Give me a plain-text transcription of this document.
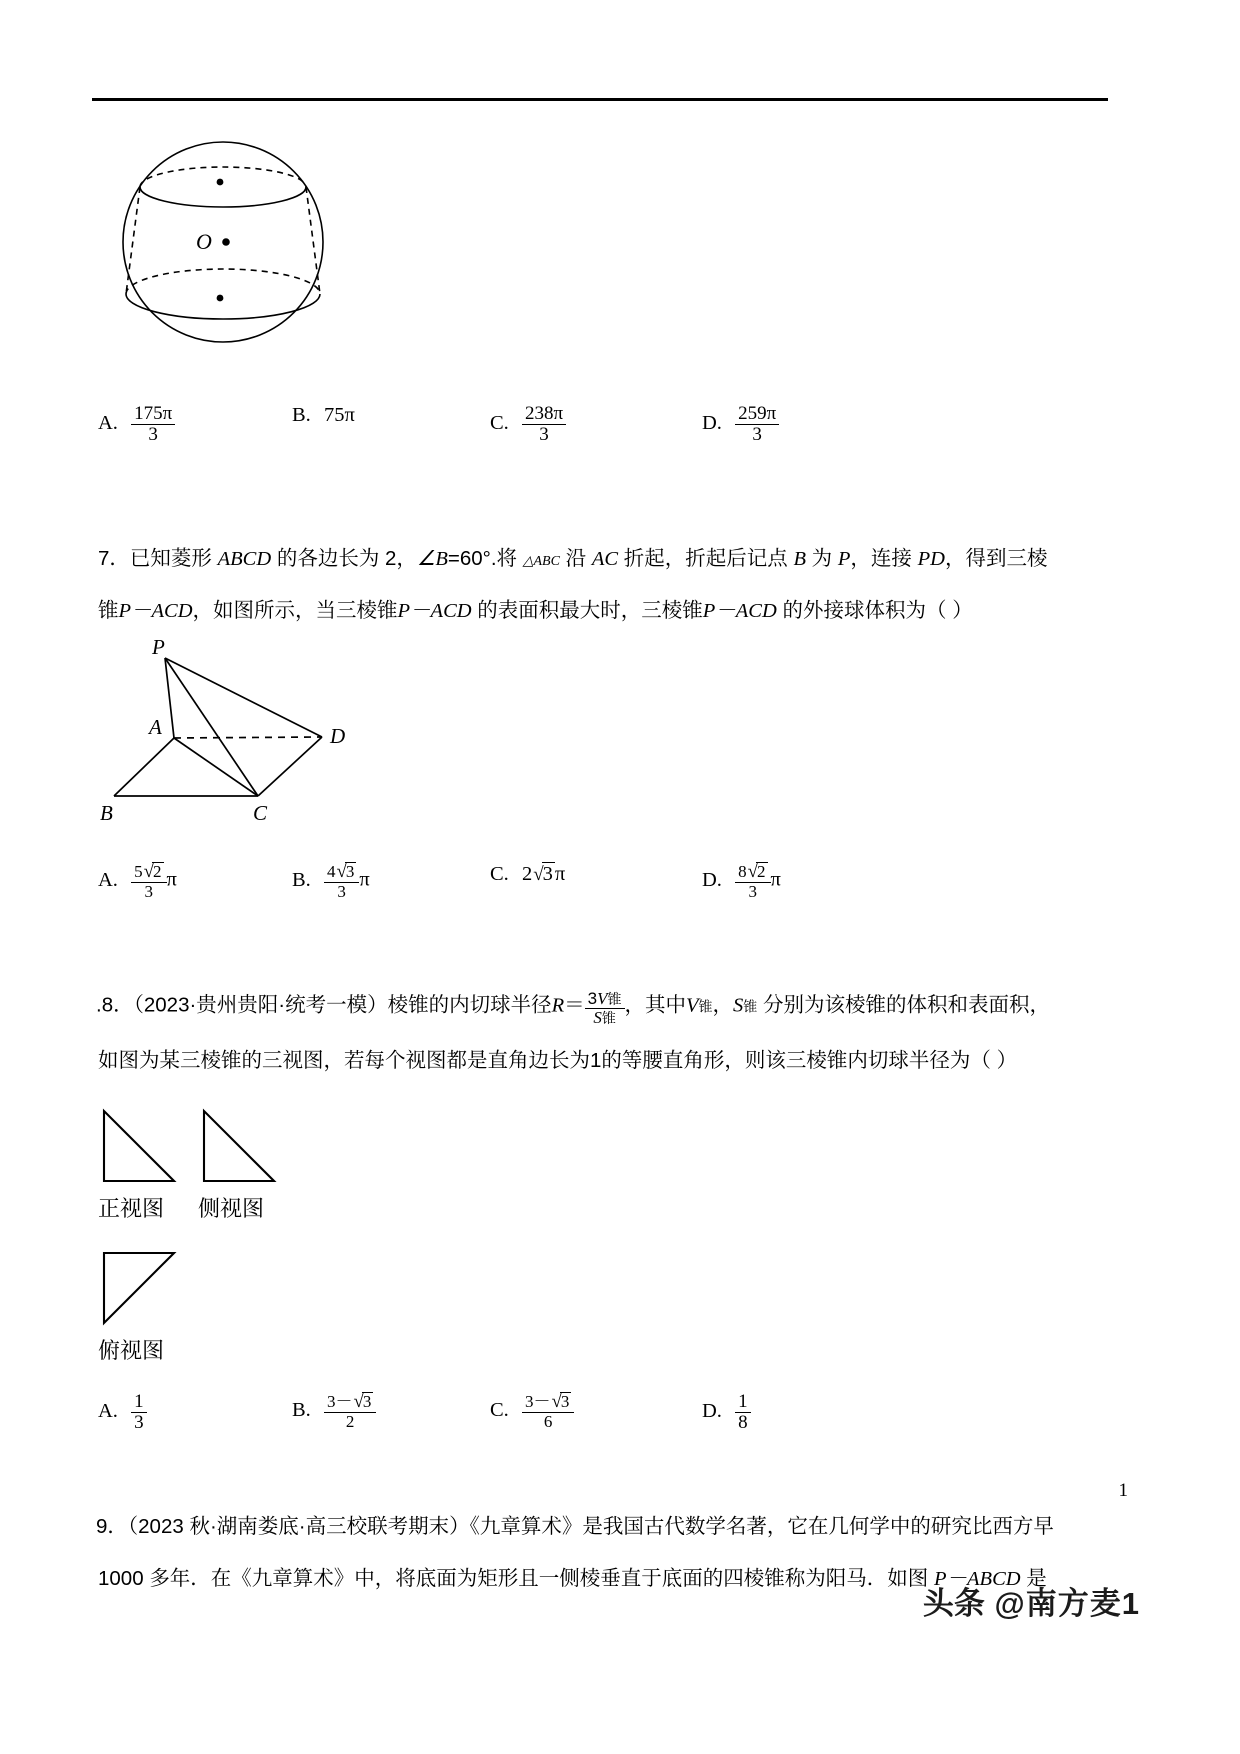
O
A. $\frac{175\pi}{3}$	B. 75π	C. $\frac{238\pi}{3}$	D. $\frac{259\pi}{3}$
7．已知菱形 ABCD 的各边长为 2，∠B=60°.将 △ABC 沿 AC 折起，折起后记点 B 为 P，连接 PD，得到三棱
锥P－ACD，如图所示，当三棱锥P－ACD 的表面积最大时，三棱锥P－ACD 的外接球体积为（ ）
P
A	D
B	C
A. $\frac{5√2}{3}$ π	B. $\frac{4√3}{3}$ π	C. 2√3π	D. $\frac{8√2}{3}$ π
.8．（2023·贵州贵阳·统考一模）棱锥的内切球半径$R= \frac{\text{3V锥}}{\text{S锥}}$ ，其中V锥，S锥 分别为该棱锥的体积和表面积，
如图为某三棱锥的三视图，若每个视图都是直角边长为1的等腰直角形，则该三棱锥内切球半径为（ ）
正视图 侧视图
俯视图
A. $\frac{1}{3}$	B. $\frac{3-√3}{2}$	C. $\frac{3-√3}{6}$	D. $\frac{1}{8}$
9．（2023 秋·湖南娄底·高三校联考期末）《九章算术》是我国古代数学名著，它在几何学中的研究比西方早
1000 多年．在《九章算术》中，将底面为矩形且一侧棱垂直于底面的四棱锥称为阳马．如图 P－ABCD 是
1
头条 @南方麦1
